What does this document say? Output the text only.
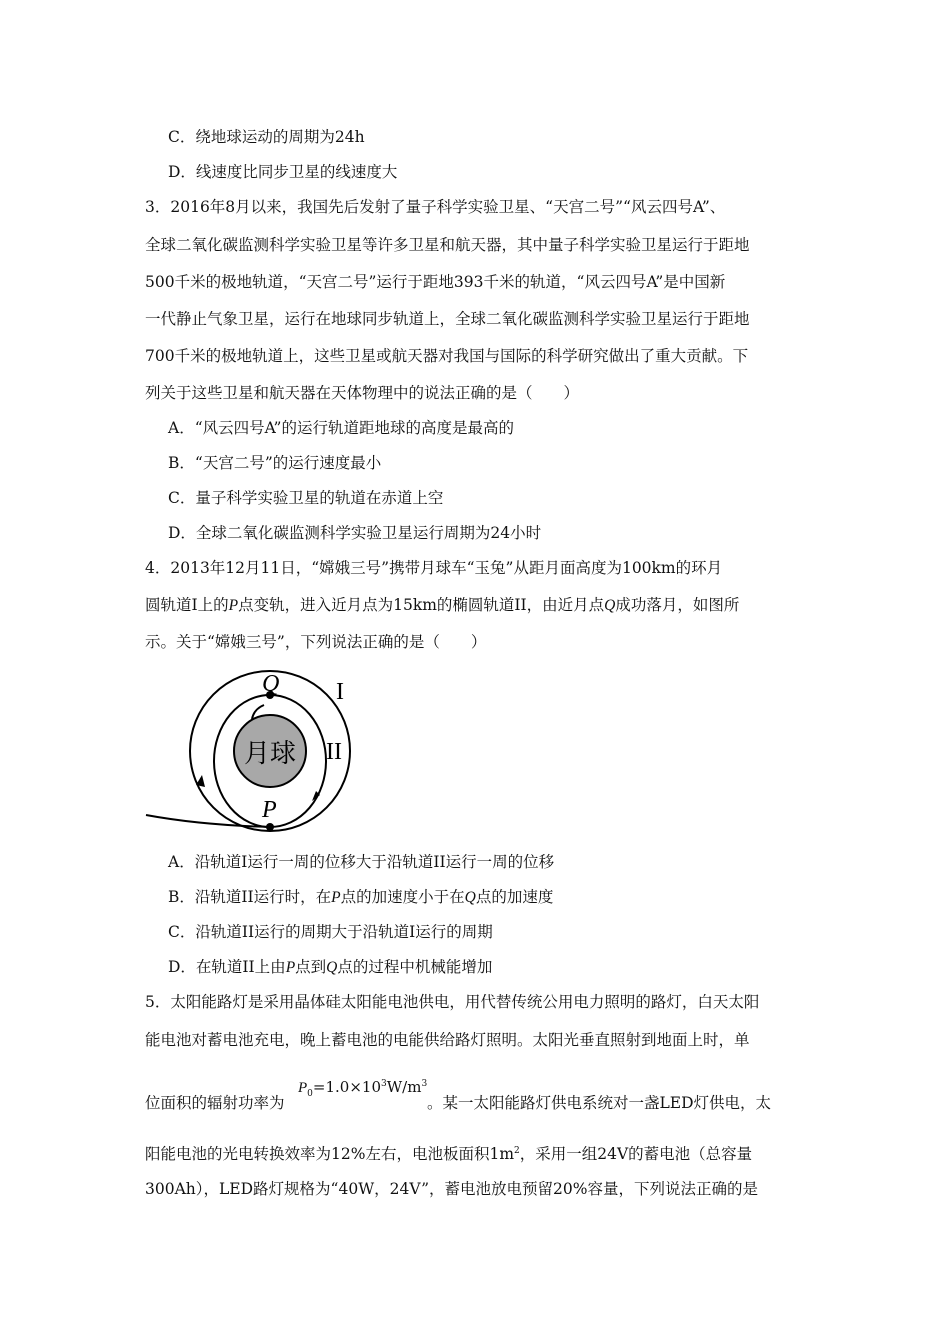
C．绕地球运动的周期为24h
D．线速度比同步卫星的线速度大
3．2016年8月以来，我国先后发射了量子科学实验卫星、“天宫二号”“风云四号A”、
全球二氧化碳监测科学实验卫星等许多卫星和航天器，其中量子科学实验卫星运行于距地
500千米的极地轨道，“天宫二号”运行于距地393千米的轨道，“风云四号A”是中国新
一代静止气象卫星，运行在地球同步轨道上，全球二氧化碳监测科学实验卫星运行于距地
700千米的极地轨道上，这些卫星或航天器对我国与国际的科学研究做出了重大贡献。下
列关于这些卫星和航天器在天体物理中的说法正确的是（　　）
A．“风云四号A”的运行轨道距地球的高度是最高的
B．“天宫二号”的运行速度最小
C．量子科学实验卫星的轨道在赤道上空
D．全球二氧化碳监测科学实验卫星运行周期为24小时
4．2013年12月11日，“嫦娥三号”携带月球车“玉兔”从距月面高度为100km的环月
圆轨道I上的P点变轨，进入近月点为15km的椭圆轨道II，由近月点Q成功落月，如图所
示。关于“嫦娥三号”，下列说法正确的是（　　）
月球
Q
P
I
II
A．沿轨道I运行一周的位移大于沿轨道II运行一周的位移
B．沿轨道II运行时，在P点的加速度小于在Q点的加速度
C．沿轨道II运行的周期大于沿轨道I运行的周期
D．在轨道II上由P点到Q点的过程中机械能增加
5．太阳能路灯是采用晶体硅太阳能电池供电，用代替传统公用电力照明的路灯，白天太阳
能电池对蓄电池充电，晚上蓄电池的电能供给路灯照明。太阳光垂直照射到地面上时，单
$P_0=1.0\times 10^3W/m^3$
位面积的辐射功率为	。某一太阳能路灯供电系统对一盏LED灯供电，太
阳能电池的光电转换效率为12%左右，电池板面积$1m^2$，采用一组24V的蓄电池（总容量
300Ah），LED路灯规格为“40W，24V”，蓄电池放电预留20%容量，下列说法正确的是
